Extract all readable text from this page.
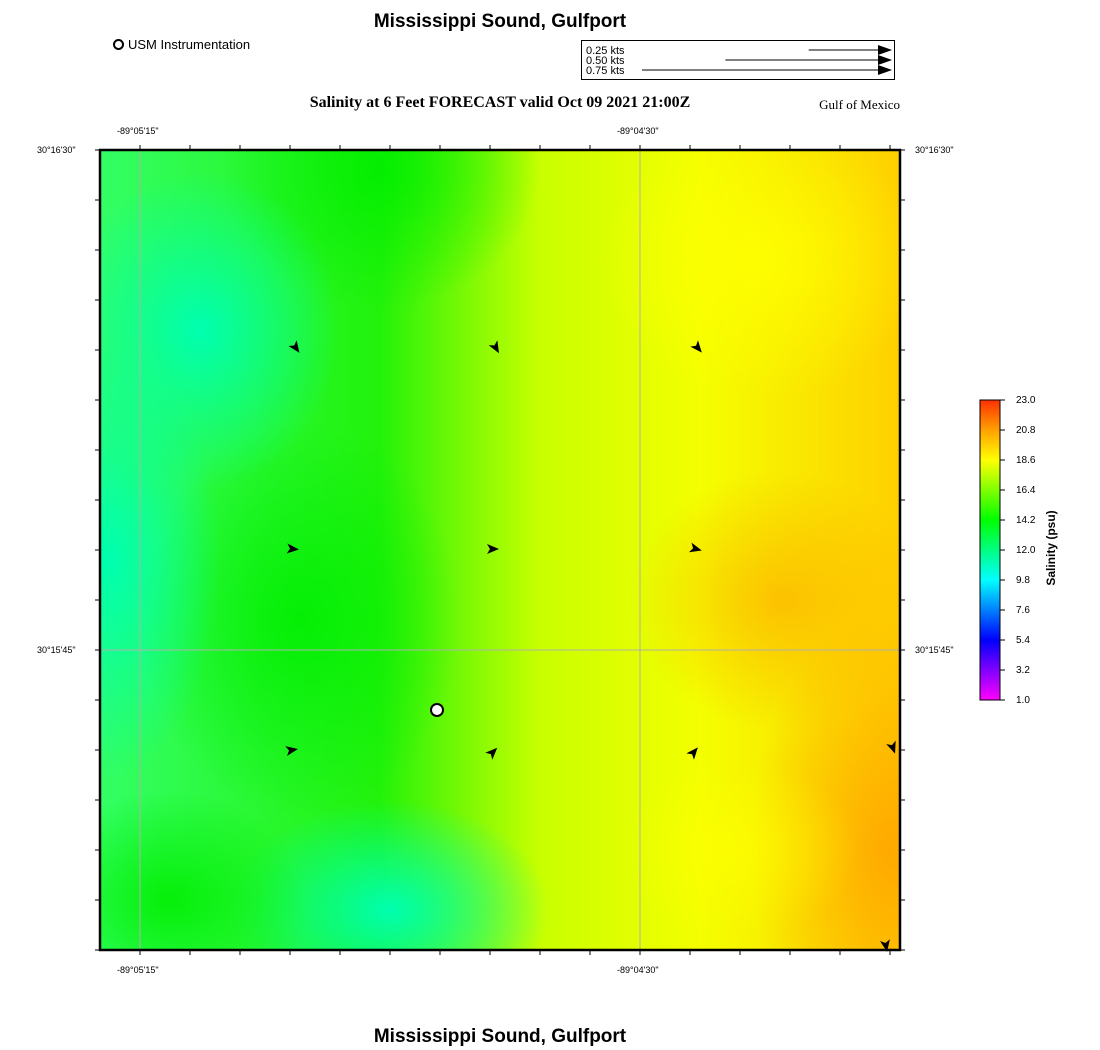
Mississippi Sound, Gulfport
USM Instrumentation	0.25 kts
0.50 kts
0.75 kts
Salinity at 6 Feet FORECAST valid Oct 09 2021 21:00Z	Gulf of Mexico
-89°05'15"	-89°04'30"
-89°05'15"	-89°04'30"
30°16'30"
30°15'45"
30°16'30"
30°15'45"
23.0
20.8
18.6
16.4
14.2
12.0
9.8
7.6
5.4
3.2
1.0
Salinity (psu)
Mississippi Sound, Gulfport
